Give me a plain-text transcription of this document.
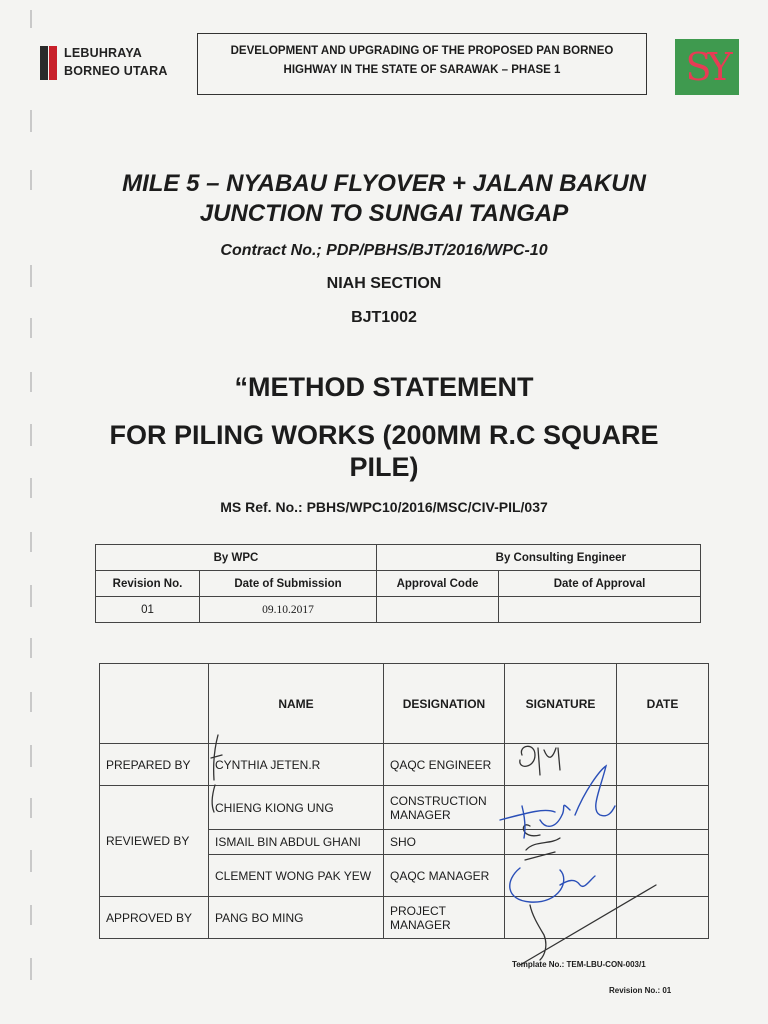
LEBUHRAYA
BORNEO UTARA
DEVELOPMENT AND UPGRADING OF THE PROPOSED PAN BORNEO
HIGHWAY IN THE STATE OF SARAWAK – PHASE 1	SY
MILE 5 – NYABAU FLYOVER + JALAN BAKUN
JUNCTION TO SUNGAI TANGAP
Contract No.; PDP/PBHS/BJT/2016/WPC-10
NIAH SECTION
BJT1002
“METHOD STATEMENT
FOR PILING WORKS (200MM R.C SQUARE
PILE)
MS Ref. No.: PBHS/WPC10/2016/MSC/CIV-PIL/037
By WPC		By Consulting Engineer	
Revision No.	Date of Submission	Approval Code	Date of Approval
01	09.10.2017		
	NAME	DESIGNATION	SIGNATURE	DATE
PREPARED BY	CYNTHIA JETEN.R	QAQC ENGINEER		
REVIEWED BY	CHIENG KIONG UNG	CONSTRUCTION MANAGER		
	ISMAIL BIN ABDUL GHANI	SHO		
	CLEMENT WONG PAK YEW	QAQC MANAGER		
APPROVED BY	PANG BO MING	PROJECT MANAGER		
Template No.: TEM-LBU-CON-003/1
Revision No.: 01
